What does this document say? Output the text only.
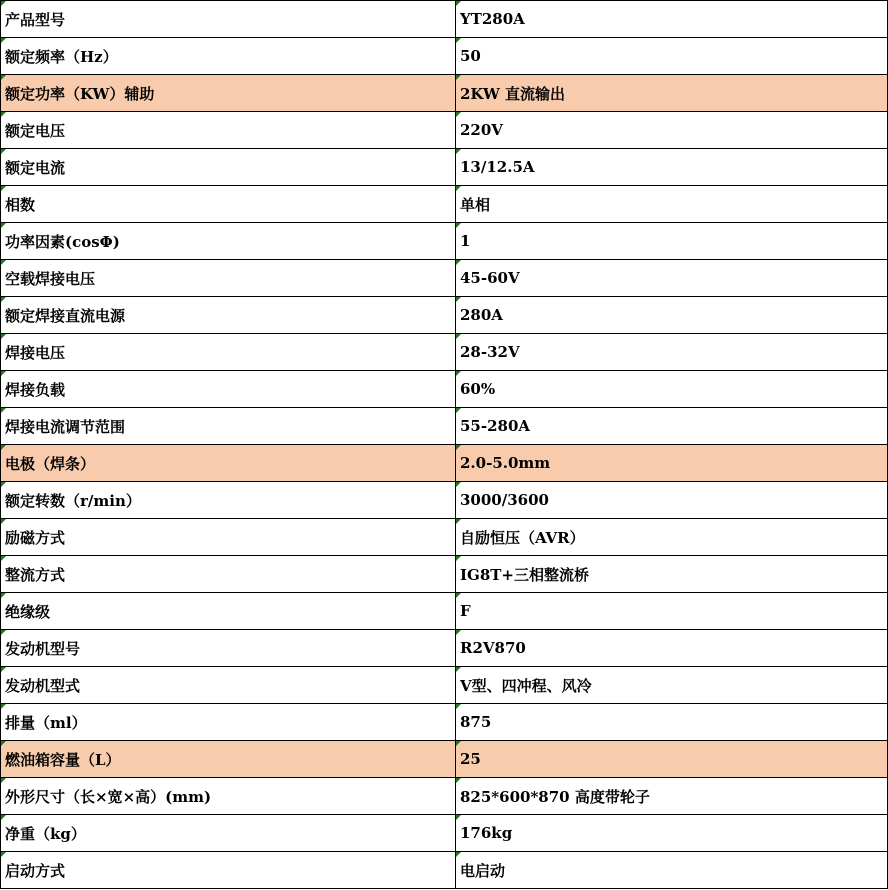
产品型号	YT280A
额定频率（Hz）	50
额定功率（KW）辅助	2KW 直流输出
额定电压	220V
额定电流	13/12.5A
相数	单相
功率因素(cosΦ)	1
空载焊接电压	45-60V
额定焊接直流电源	280A
焊接电压	28-32V
焊接负载	60%
焊接电流调节范围	55-280A
电极（焊条）	2.0-5.0mm
额定转数（r/min）	3000/3600
励磁方式	自励恒压（AVR）
整流方式	IG8T+三相整流桥
绝缘级	F
发动机型号	R2V870
发动机型式	V型、四冲程、风冷
排量（ml）	875
燃油箱容量（L）	25
外形尺寸（长×宽×高）(mm)	825*600*870 高度带轮子
净重（kg）	176kg
启动方式	电启动
